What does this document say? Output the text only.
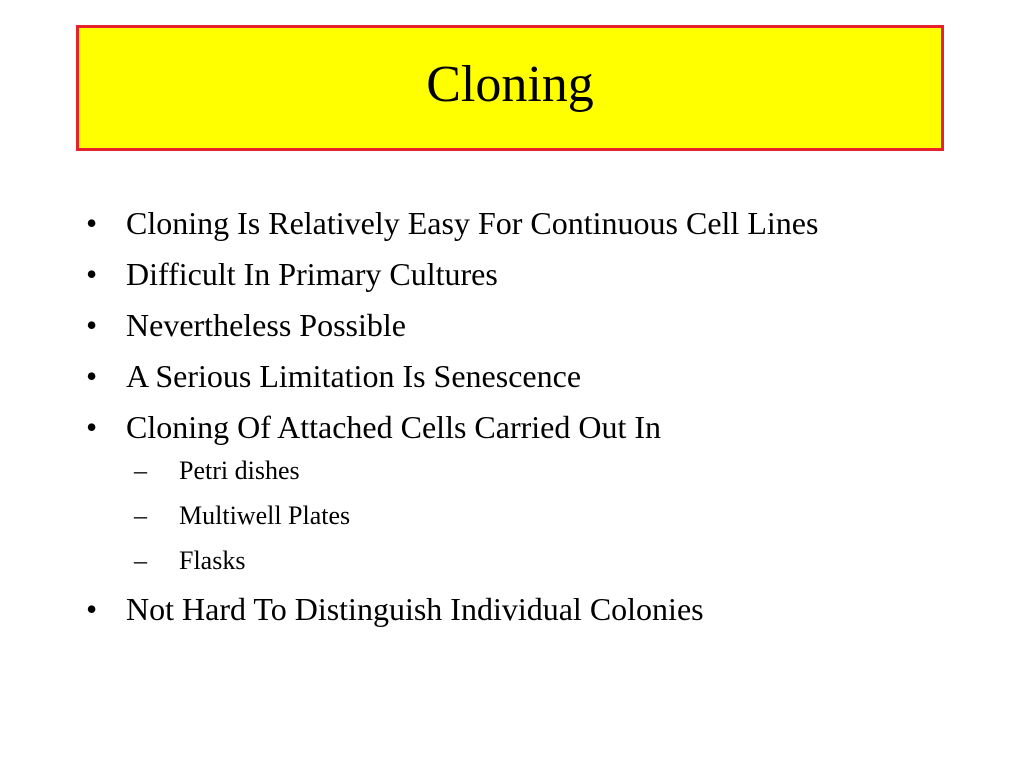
Cloning
• Cloning Is Relatively Easy For Continuous Cell Lines
• Difficult In Primary Cultures
• Nevertheless Possible
• A Serious Limitation Is Senescence
• Cloning Of Attached Cells Carried Out In
–	Petri dishes
–	Multiwell Plates
–	Flasks
• Not Hard To Distinguish Individual Colonies
